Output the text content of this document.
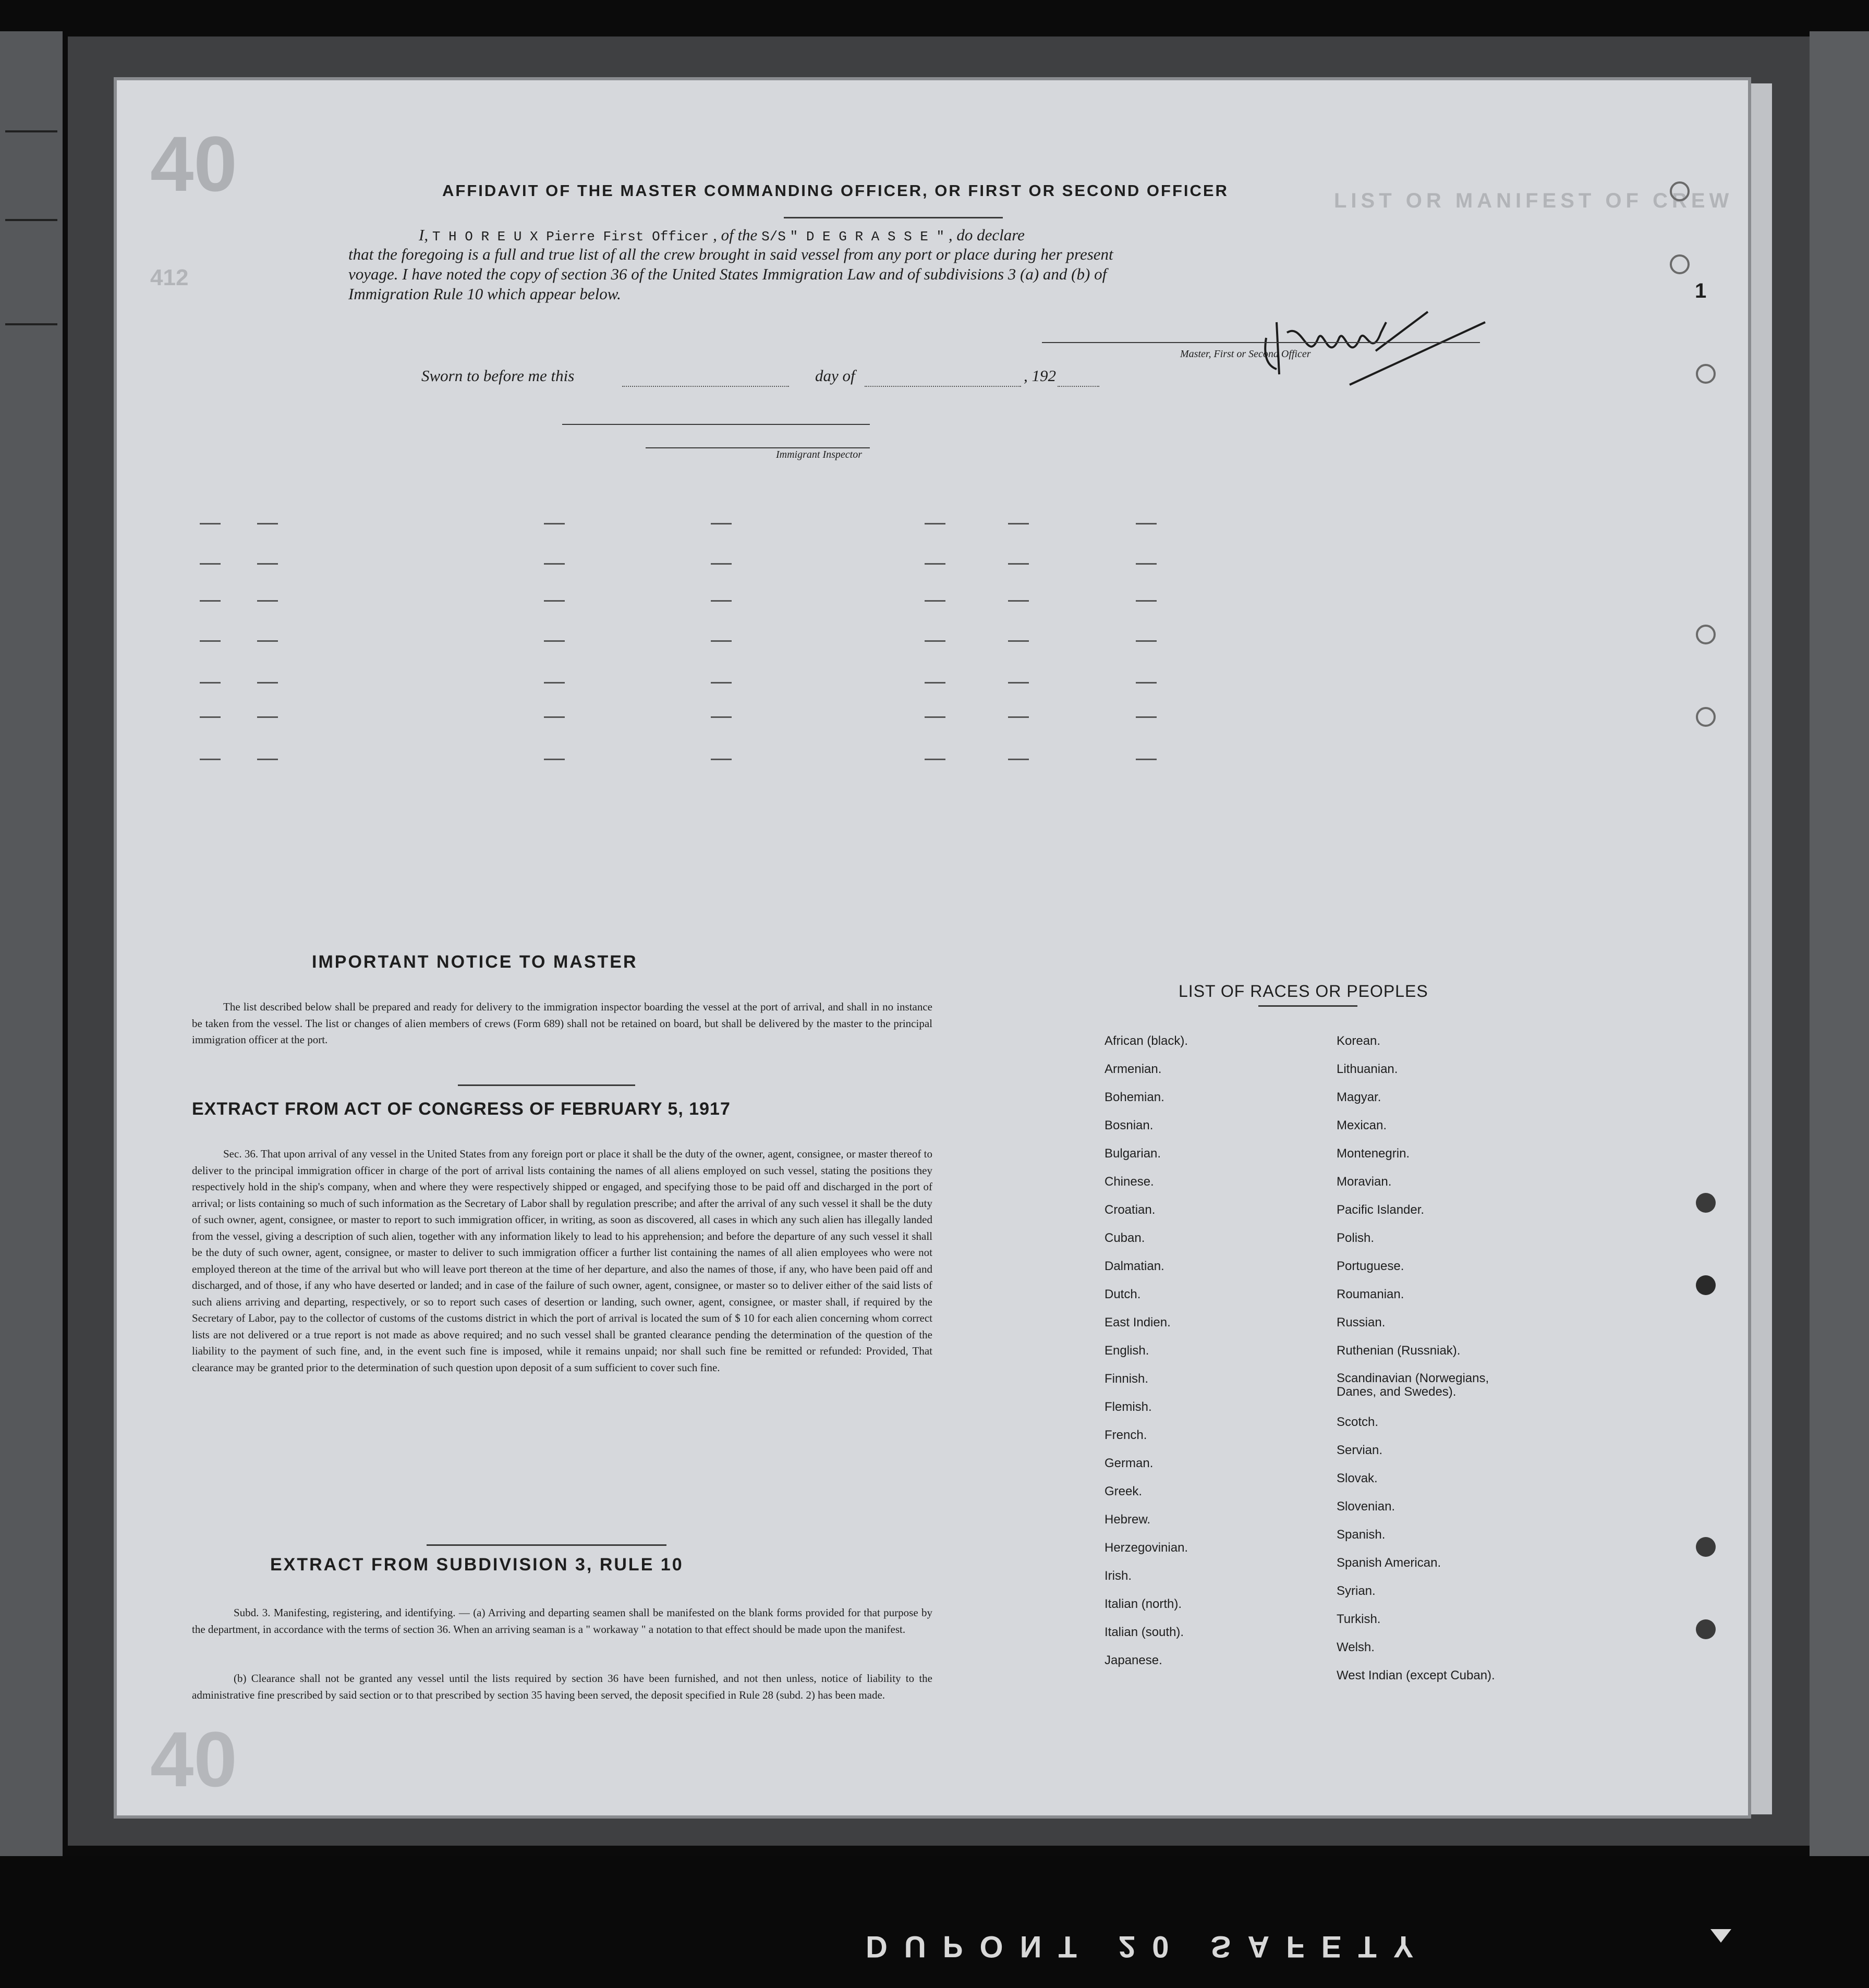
40	LIST OR MANIFEST OF CREW
412
40
AFFIDAVIT OF THE MASTER COMMANDING OFFICER, OR FIRST OR SECOND OFFICER
I, T H O R E U X Pierre First Officer , of the S/S " D E G R A S S E " , do declare
that the foregoing is a full and true list of all the crew brought in said vessel from any port or place during her present
voyage. I have noted the copy of section 36 of the United States Immigration Law and of subdivisions 3 (a) and (b) of
Immigration Rule 10 which appear below.
Master, First or Second Officer
Sworn to before me this	day of	, 192
Immigrant Inspector
IMPORTANT NOTICE TO MASTER
The list described below shall be prepared and ready for delivery to the immigration inspector boarding the vessel at the port of arrival, and shall in no instance be taken from the vessel. The list or changes of alien members of crews (Form 689) shall not be retained on board, but shall be delivered by the master to the principal immigration officer at the port.
EXTRACT FROM ACT OF CONGRESS OF FEBRUARY 5, 1917
Sec. 36. That upon arrival of any vessel in the United States from any foreign port or place it shall be the duty of the owner, agent, consignee, or master thereof to deliver to the principal immigration officer in charge of the port of arrival lists containing the names of all aliens employed on such vessel, stating the positions they respectively hold in the ship's company, when and where they were respectively shipped or engaged, and specifying those to be paid off and discharged in the port of arrival; or lists containing so much of such information as the Secretary of Labor shall by regulation prescribe; and after the arrival of any such vessel it shall be the duty of such owner, agent, consignee, or master to report to such immigration officer, in writing, as soon as discovered, all cases in which any such alien has illegally landed from the vessel, giving a description of such alien, together with any information likely to lead to his apprehension; and before the departure of any such vessel it shall be the duty of such owner, agent, consignee, or master to deliver to such immigration officer a further list containing the names of all alien employees who were not employed thereon at the time of the arrival but who will leave port thereon at the time of her departure, and also the names of those, if any, who have been paid off and discharged, and of those, if any who have deserted or landed; and in case of the failure of such owner, agent, consignee, or master so to deliver either of the said lists of such aliens arriving and departing, respectively, or so to report such cases of desertion or landing, such owner, agent, consignee, or master shall, if required by the Secretary of Labor, pay to the collector of customs of the customs district in which the port of arrival is located the sum of $ 10 for each alien concerning whom correct lists are not delivered or a true report is not made as above required; and no such vessel shall be granted clearance pending the determination of the question of the liability to the payment of such fine, and, in the event such fine is imposed, while it remains unpaid; nor shall such fine be remitted or refunded: Provided, That clearance may be granted prior to the determination of such question upon deposit of a sum sufficient to cover such fine.
EXTRACT FROM SUBDIVISION 3, RULE 10
Subd. 3. Manifesting, registering, and identifying. — (a) Arriving and departing seamen shall be manifested on the blank forms provided for that purpose by the department, in accordance with the terms of section 36. When an arriving seaman is a " workaway " a notation to that effect should be made upon the manifest.
(b) Clearance shall not be granted any vessel until the lists required by section 36 have been furnished, and not then unless, notice of liability to the administrative fine prescribed by said section or to that prescribed by section 35 having been served, the deposit specified in Rule 28 (subd. 2) has been made.
LIST OF RACES OR PEOPLES
African (black).
Armenian.
Bohemian.
Bosnian.
Bulgarian.
Chinese.
Croatian.
Cuban.
Dalmatian.
Dutch.
East Indien.
English.
Finnish.
Flemish.
French.
German.
Greek.
Hebrew.
Herzegovinian.
Irish.
Italian (north).
Italian (south).
Japanese.
Korean.
Lithuanian.
Magyar.
Mexican.
Montenegrin.
Moravian.
Pacific Islander.
Polish.
Portuguese.
Roumanian.
Russian.
Ruthenian (Russniak).
Scandinavian (Norwegians, Danes, and Swedes).
Scotch.
Servian.
Slovak.
Slovenian.
Spanish.
Spanish American.
Syrian.
Turkish.
Welsh.
West Indian (except Cuban).
1
DUPONT 20 SAFETY
